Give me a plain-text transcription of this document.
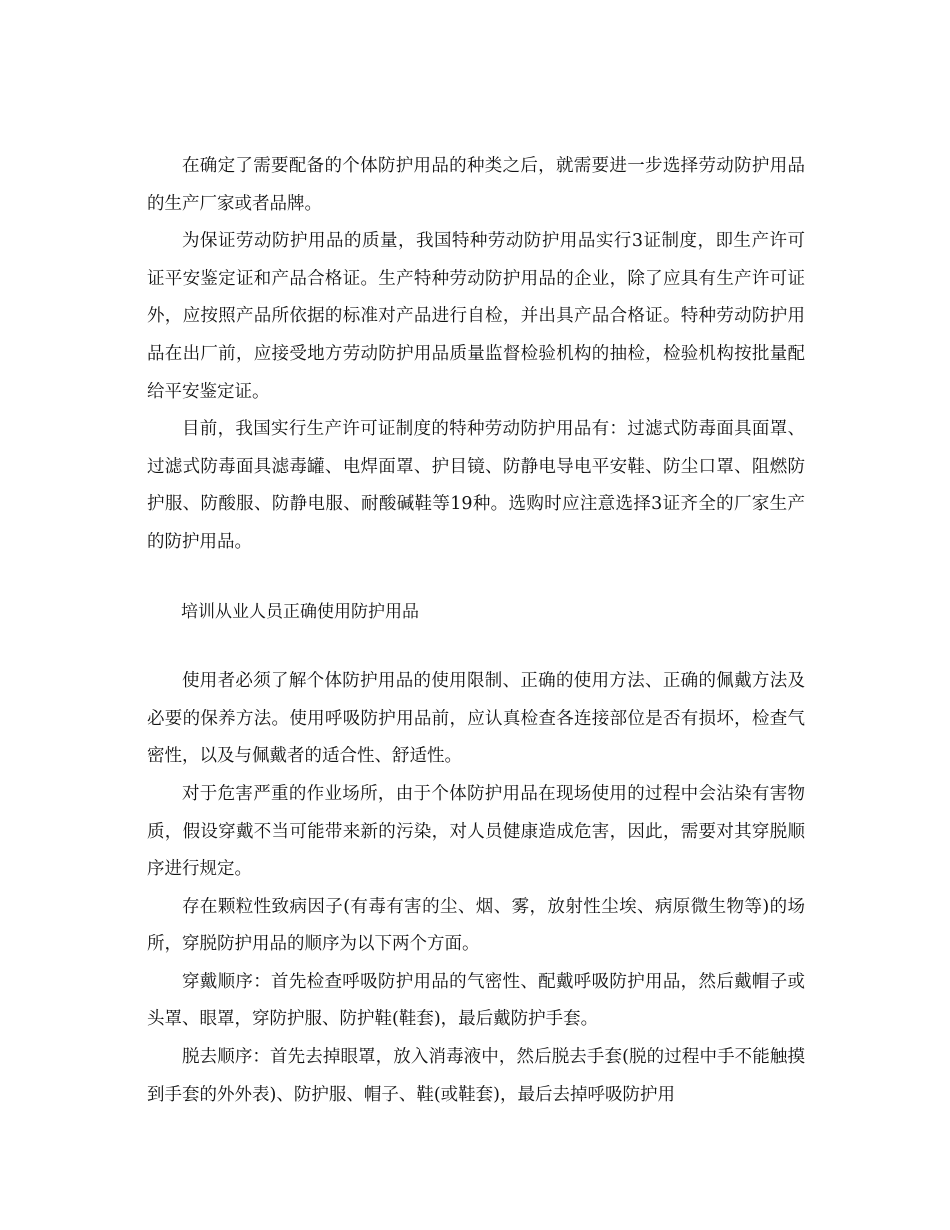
在确定了需要配备的个体防护用品的种类之后，就需要进一步选择劳动防护用品的生产厂家或者品牌。

为保证劳动防护用品的质量，我国特种劳动防护用品实行3证制度，即生产许可证平安鉴定证和产品合格证。生产特种劳动防护用品的企业，除了应具有生产许可证外，应按照产品所依据的标准对产品进行自检，并出具产品合格证。特种劳动防护用品在出厂前，应接受地方劳动防护用品质量监督检验机构的抽检，检验机构按批量配给平安鉴定证。

目前，我国实行生产许可证制度的特种劳动防护用品有：过滤式防毒面具面罩、过滤式防毒面具滤毒罐、电焊面罩、护目镜、防静电导电平安鞋、防尘口罩、阻燃防护服、防酸服、防静电服、耐酸碱鞋等19种。选购时应注意选择3证齐全的厂家生产的防护用品。

培训从业人员正确使用防护用品

使用者必须了解个体防护用品的使用限制、正确的使用方法、正确的佩戴方法及必要的保养方法。使用呼吸防护用品前，应认真检查各连接部位是否有损坏，检查气密性，以及与佩戴者的适合性、舒适性。

对于危害严重的作业场所，由于个体防护用品在现场使用的过程中会沾染有害物质，假设穿戴不当可能带来新的污染，对人员健康造成危害，因此，需要对其穿脱顺序进行规定。

存在颗粒性致病因子(有毒有害的尘、烟、雾，放射性尘埃、病原微生物等)的场所，穿脱防护用品的顺序为以下两个方面。

穿戴顺序：首先检查呼吸防护用品的气密性、配戴呼吸防护用品，然后戴帽子或头罩、眼罩，穿防护服、防护鞋(鞋套)，最后戴防护手套。

脱去顺序：首先去掉眼罩，放入消毒液中，然后脱去手套(脱的过程中手不能触摸到手套的外外表)、防护服、帽子、鞋(或鞋套)，最后去掉呼吸防护用
